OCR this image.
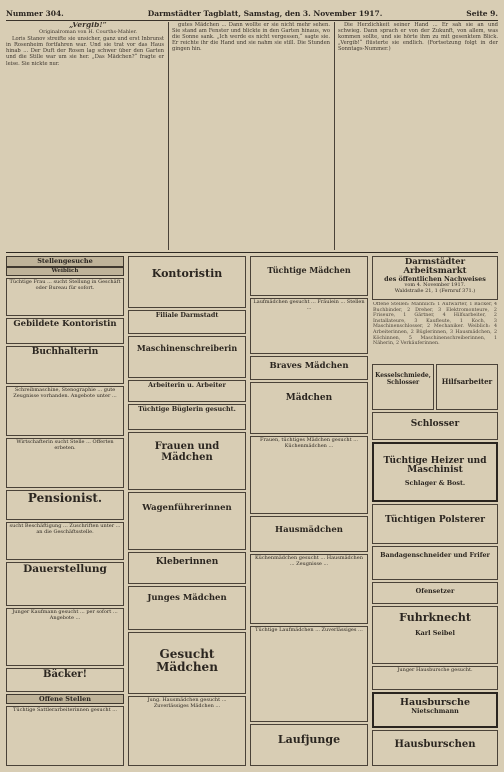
Nummer 304.	Darmstädter Tagblatt, Samstag, den 3. November 1917.	Seite 9.

„Vergib!“

Originalroman von H. Courths-Mahler.

Loris Stanov streifte sie unsicher, ganz und erst Inbrunst in Rosenheim fortfahren war. Und sie trat vor das Haus hinab ... Der Duft der Rosen lag schwer über den Garten und die Stille war um sie her. „Das Mädchen?“ fragte er leise. Sie nickte nur.

gutes Mädchen ... Dann wollte er sie nicht mehr sehen. Sie stand am Fenster und blickte in den Garten hinaus, wo die Sonne sank. „Ich werde es nicht vergessen,“ sagte sie. Er reichte ihr die Hand und sie nahm sie still. Die Stunden gingen hin.

Die Herzlichkeit seiner Hand ... Er sah sie an und schwieg. Dann sprach er von der Zukunft, von allem, was kommen sollte, und sie hörte ihm zu mit gesenktem Blick. „Vergib!“ flüsterte sie endlich. (Fortsetzung folgt in der Sonntags-Nummer.)

Stellengesuche
Weiblich
Tüchtige Frau ... sucht Stellung in Geschäft oder Bureau für sofort.
Gebildete Kontoristin
Buchhalterin
Schreibmaschine, Stenographie ... gute Zeugnisse vorhanden. Angebote unter ...
Wirtschafterin sucht Stelle ... Offerten erbeten.
Pensionist.
sucht Beschäftigung ... Zuschriften unter ... an die Geschäftsstelle.
Dauerstellung
Junger Kaufmann gesucht ... per sofort ... Angebote ...
Bäcker!
Offene Stellen
Tüchtige Sattlerarbeiterinnen gesucht ...
Kontoristin
Filiale Darmstadt
Maschinenschreiberin
Arbeiterin u. Arbeiter
Tüchtige Büglerin gesucht.
Frauen und Mädchen
Wagenführerinnen
Kleberinnen
Junges Mädchen
Gesucht Mädchen
Jung. Hausmädchen gesucht ... Zuverlässiges Mädchen ...
Tüchtige Mädchen
Laufmädchen gesucht ... Fräulein ... Stellen ...
Braves Mädchen
Mädchen
Frauen, tüchtiges Mädchen gesucht ... Küchenmädchen ...
Hausmädchen
Küchenmädchen gesucht ... Hausmädchen ... Zeugnisse ...
Tüchtige Laufmädchen ... Zuverlässiges ...
Laufjunge
Darmstädter Arbeitsmarkt
des öffentlichen Nachweises
vom 4. November 1917.
Waldstraße 21, 1 (Fernruf 371.)
Offene Stellen: Männlich: 1 Aufwärter, 1 Bäcker, 4 Buchbinder, 2 Dreher, 3 Elektromonteure, 2 Friseure, 1 Gärtner, 4 Hilfsarbeiter, 2 Installateure, 3 Kaufleute, 1 Koch, 3 Maschinenschlosser, 2 Mechaniker. Weiblich: 4 Arbeiterinnen, 2 Büglerinnen, 3 Hausmädchen, 2 Köchinnen, 5 Maschinenschreiberinnen, 1 Näherin, 2 Verkäuferinnen.
Kesselschmiede, Schlosser	Hilfsarbeiter
Schlosser
Tüchtige Heizer und Maschinist
Schlager & Bost.
Tüchtigen Polsterer
Bandagenschneider und Frifer
Ofensetzer
Fuhrknecht
Karl Seibel
Junger Hausbursche gesucht.
Hausbursche
Nietschmann
Hausburschen
